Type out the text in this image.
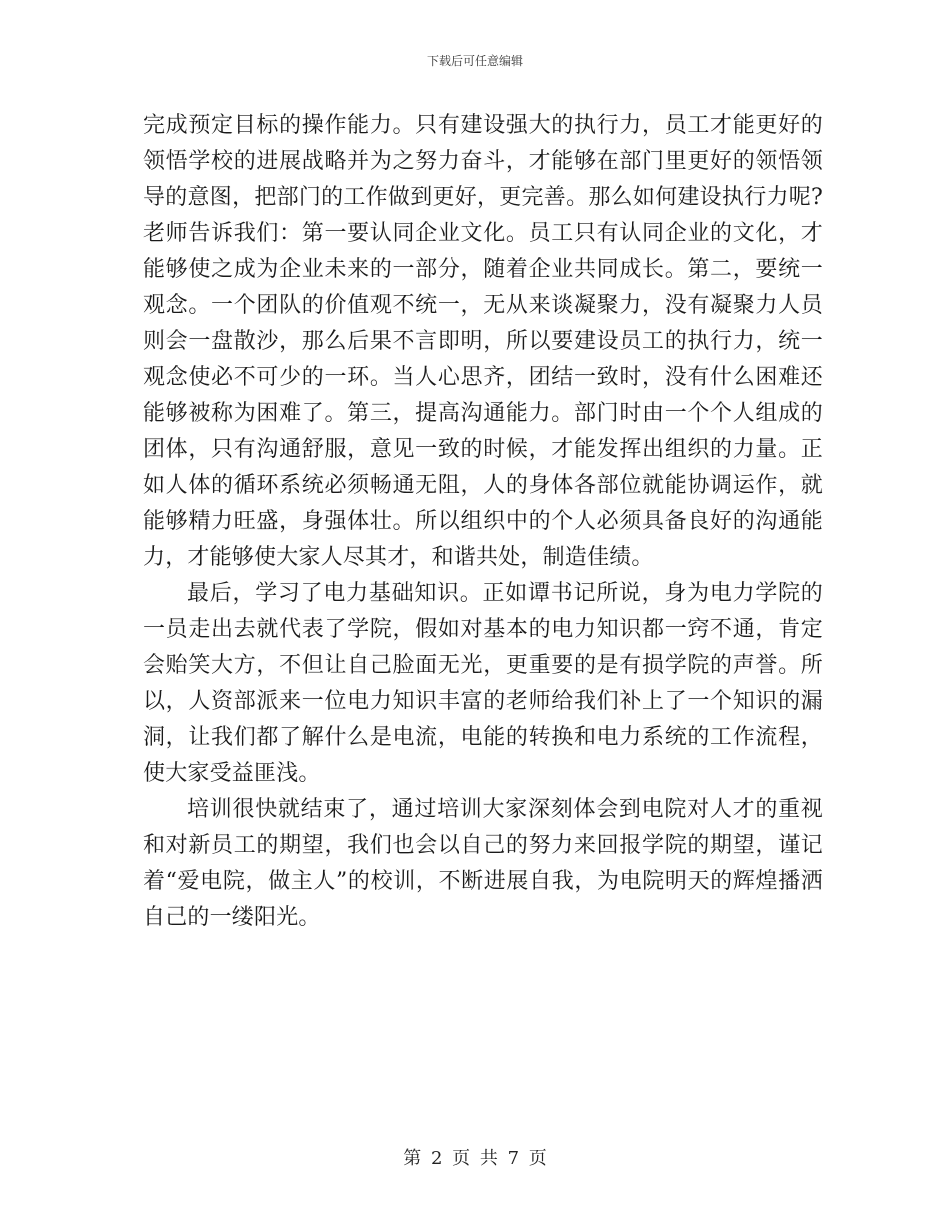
下载后可任意编辑

完成预定目标的操作能力。只有建设强大的执行力，员工才能更好的领悟学校的进展战略并为之努力奋斗，才能够在部门里更好的领悟领导的意图，把部门的工作做到更好，更完善。那么如何建设执行力呢?老师告诉我们：第一要认同企业文化。员工只有认同企业的文化，才能够使之成为企业未来的一部分，随着企业共同成长。第二，要统一观念。一个团队的价值观不统一，无从来谈凝聚力，没有凝聚力人员则会一盘散沙，那么后果不言即明，所以要建设员工的执行力，统一观念使必不可少的一环。当人心思齐，团结一致时，没有什么困难还能够被称为困难了。第三，提高沟通能力。部门时由一个个人组成的团体，只有沟通舒服，意见一致的时候，才能发挥出组织的力量。正如人体的循环系统必须畅通无阻，人的身体各部位就能协调运作，就能够精力旺盛，身强体壮。所以组织中的个人必须具备良好的沟通能力，才能够使大家人尽其才，和谐共处，制造佳绩。

最后，学习了电力基础知识。正如谭书记所说，身为电力学院的一员走出去就代表了学院，假如对基本的电力知识都一窍不通，肯定会贻笑大方，不但让自己脸面无光，更重要的是有损学院的声誉。所以，人资部派来一位电力知识丰富的老师给我们补上了一个知识的漏洞，让我们都了解什么是电流，电能的转换和电力系统的工作流程，使大家受益匪浅。

培训很快就结束了，通过培训大家深刻体会到电院对人才的重视和对新员工的期望，我们也会以自己的努力来回报学院的期望，谨记着“爱电院，做主人”的校训，不断进展自我，为电院明天的辉煌播洒自己的一缕阳光。

第 2 页 共 7 页
